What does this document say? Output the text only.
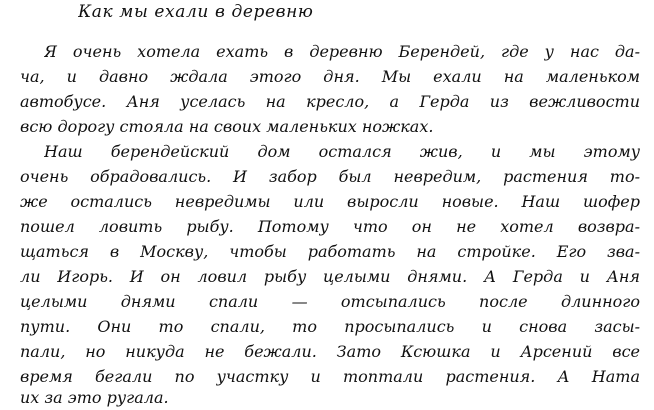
Как мы ехали в деревню
Я очень хотела ехать в деревню Берендей, где у нас да-
ча, и давно ждала этого дня. Мы ехали на маленьком
автобусе. Аня уселась на кресло, а Герда из вежливости
всю дорогу стояла на своих маленьких ножках.
Наш берендейский дом остался жив, и мы этому
очень обрадовались. И забор был невредим, растения то-
же остались невредимы или выросли новые. Наш шофер
пошел ловить рыбу. Потому что он не хотел возвра-
щаться в Москву, чтобы работать на стройке. Его зва-
ли Игорь. И он ловил рыбу целыми днями. А Герда и Аня
целыми днями спали — отсыпались после длинного
пути. Они то спали, то просыпались и снова засы-
пали, но никуда не бежали. Зато Ксюшка и Арсений все
время бегали по участку и топтали растения. А Ната
их за это ругала.
